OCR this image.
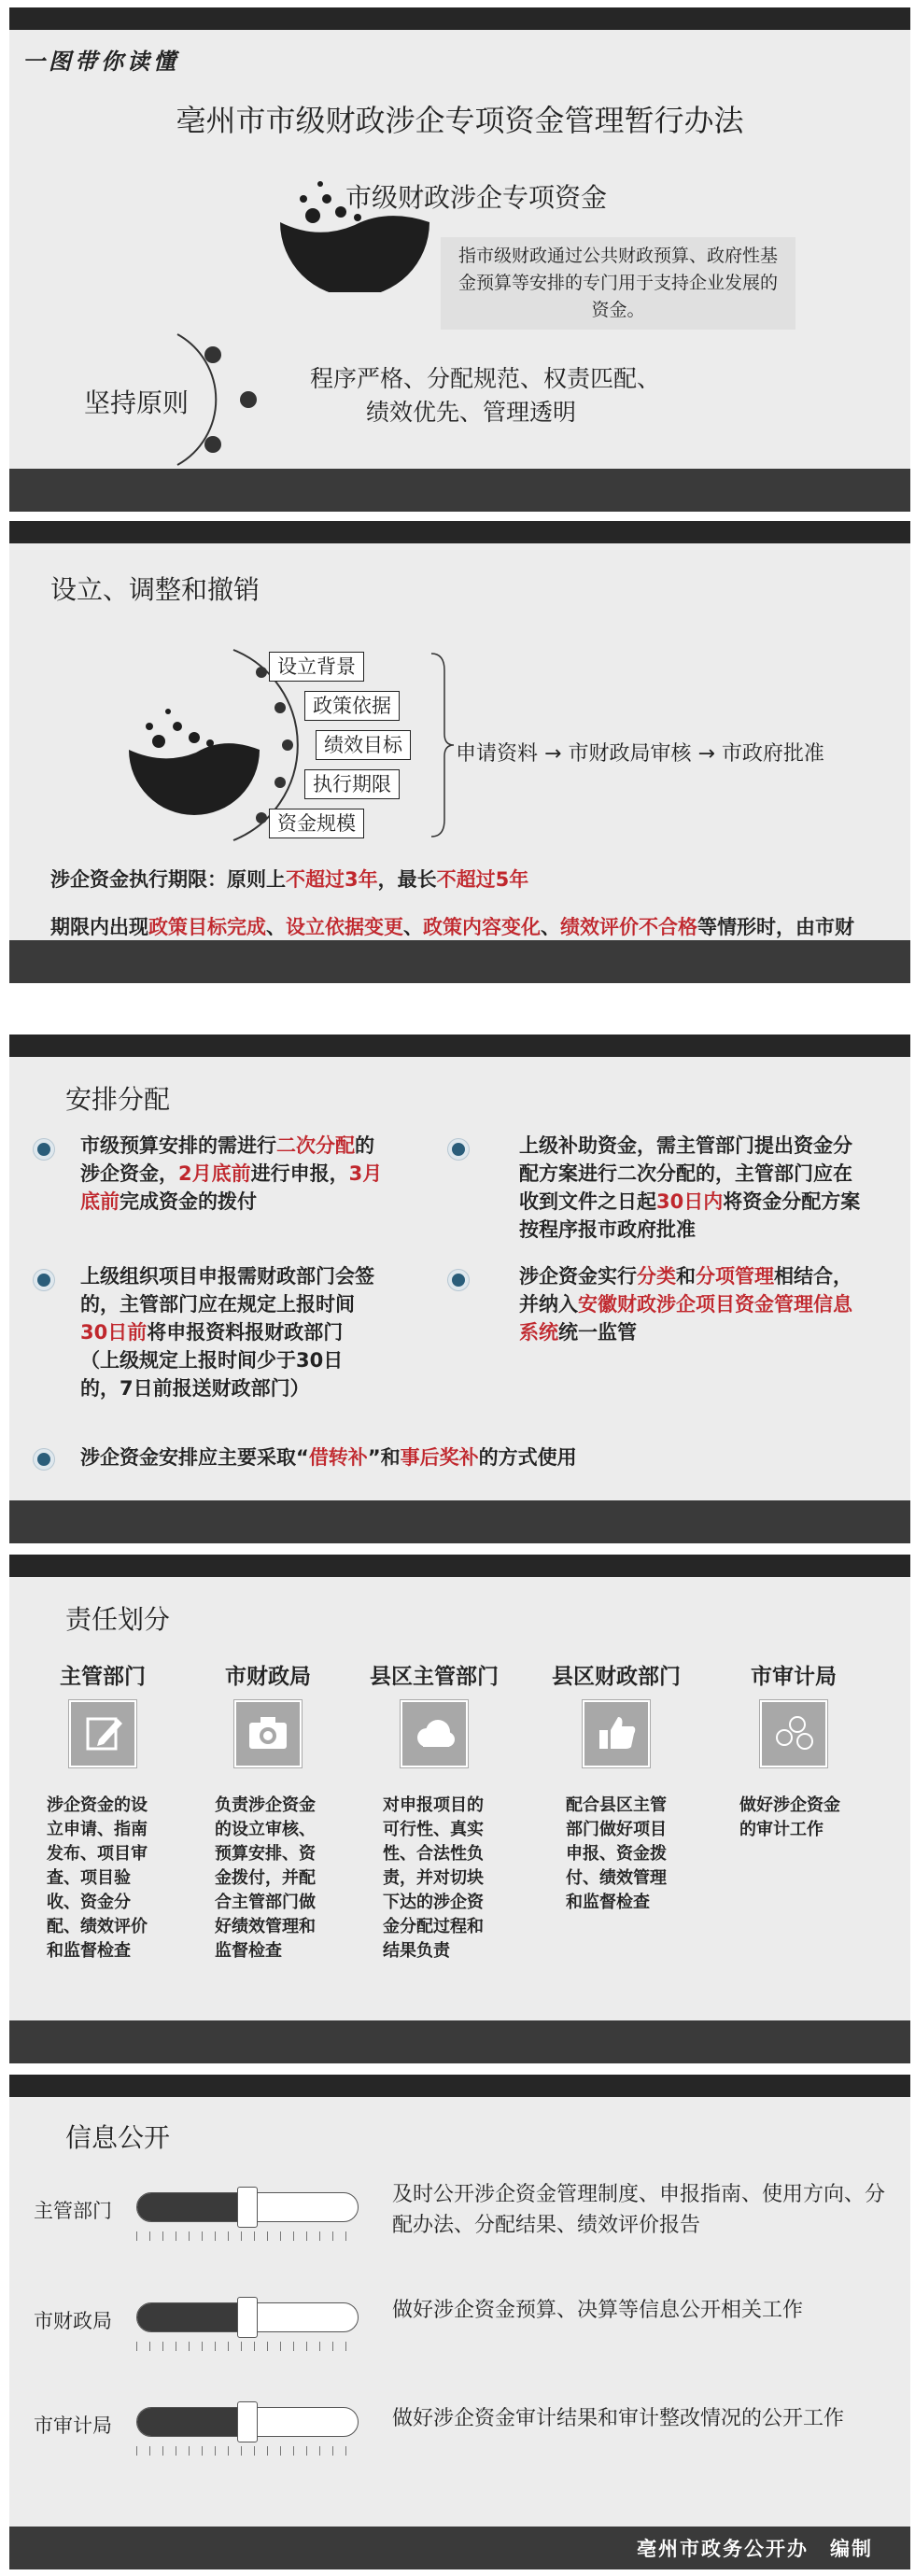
一图带你读懂
亳州市市级财政涉企专项资金管理暂行办法
市级财政涉企专项资金
指市级财政通过公共财政预算、政府性基金预算等安排的专门用于支持企业发展的资金。
坚持原则
程序严格、分配规范、权责匹配、
绩效优先、管理透明
设立、调整和撤销
设立背景
政策依据
绩效目标
执行期限
资金规模
申请资料 → 市财政局审核 → 市政府批准
涉企资金执行期限：原则上不超过3年，最长不超过5年
期限内出现政策目标完成、设立依据变更、政策内容变化、绩效评价不合格等情形时，由市财
安排分配
市级预算安排的需进行二次分配的涉企资金，2月底前进行申报，3月底前完成资金的拨付
上级组织项目申报需财政部门会签的，主管部门应在规定上报时间30日前将申报资料报财政部门（上级规定上报时间少于30日的，7日前报送财政部门）
上级补助资金，需主管部门提出资金分配方案进行二次分配的，主管部门应在收到文件之日起30日内将资金分配方案按程序报市政府批准
涉企资金实行分类和分项管理相结合，并纳入安徽财政涉企项目资金管理信息系统统一监管
涉企资金安排应主要采取“借转补”和事后奖补的方式使用
责任划分
主管部门
涉企资金的设立申请、指南发布、项目审查、项目验收、资金分配、绩效评价和监督检查
市财政局
负责涉企资金的设立审核、预算安排、资金拨付，并配合主管部门做好绩效管理和监督检查
县区主管部门
对申报项目的可行性、真实性、合法性负责，并对切块下达的涉企资金分配过程和结果负责
县区财政部门
配合县区主管部门做好项目申报、资金拨付、绩效管理和监督检查
市审计局
做好涉企资金的审计工作
信息公开
主管部门
及时公开涉企资金管理制度、申报指南、使用方向、分配办法、分配结果、绩效评价报告
市财政局	做好涉企资金预算、决算等信息公开相关工作
市审计局	做好涉企资金审计结果和审计整改情况的公开工作
亳州市政务公开办　编制
